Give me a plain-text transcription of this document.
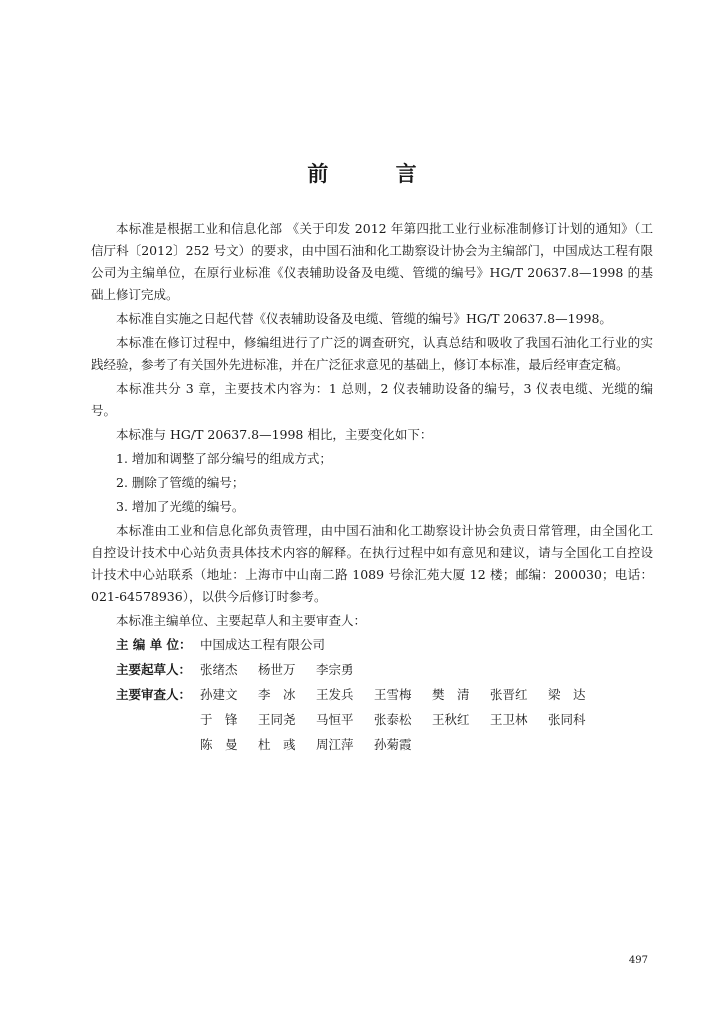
前 言

本标准是根据工业和信息化部 《关于印发 2012 年第四批工业行业标准制修订计划的通知》（工信厅科〔2012〕252 号文）的要求，由中国石油和化工勘察设计协会为主编部门，中国成达工程有限公司为主编单位，在原行业标准《仪表辅助设备及电缆、管缆的编号》HG/T 20637.8—1998 的基础上修订完成。

本标准自实施之日起代替《仪表辅助设备及电缆、管缆的编号》HG/T 20637.8—1998。

本标准在修订过程中，修编组进行了广泛的调查研究，认真总结和吸收了我国石油化工行业的实践经验，参考了有关国外先进标准，并在广泛征求意见的基础上，修订本标准，最后经审查定稿。

本标准共分 3 章，主要技术内容为：1 总则，2 仪表辅助设备的编号，3 仪表电缆、光缆的编号。

本标准与 HG/T 20637.8—1998 相比，主要变化如下：

1. 增加和调整了部分编号的组成方式；
2. 删除了管缆的编号；
3. 增加了光缆的编号。

本标准由工业和信息化部负责管理，由中国石油和化工勘察设计协会负责日常管理，由全国化工自控设计技术中心站负责具体技术内容的解释。在执行过程中如有意见和建议，请与全国化工自控设计技术中心站联系（地址：上海市中山南二路 1089 号徐汇苑大厦 12 楼；邮编：200030；电话：021-64578936），以供今后修订时参考。

本标准主编单位、主要起草人和主要审查人：

主 编 单 位： 中国成达工程有限公司
主要起草人： 张绪杰	杨世万	李宗勇
主要审查人： 孙建文	李　冰	王发兵	王雪梅	樊　清	张晋红	梁　达
于　锋	王同尧	马恒平	张泰松	王秋红	王卫林	张同科
陈　曼	杜　彧	周江萍	孙菊霞
497
